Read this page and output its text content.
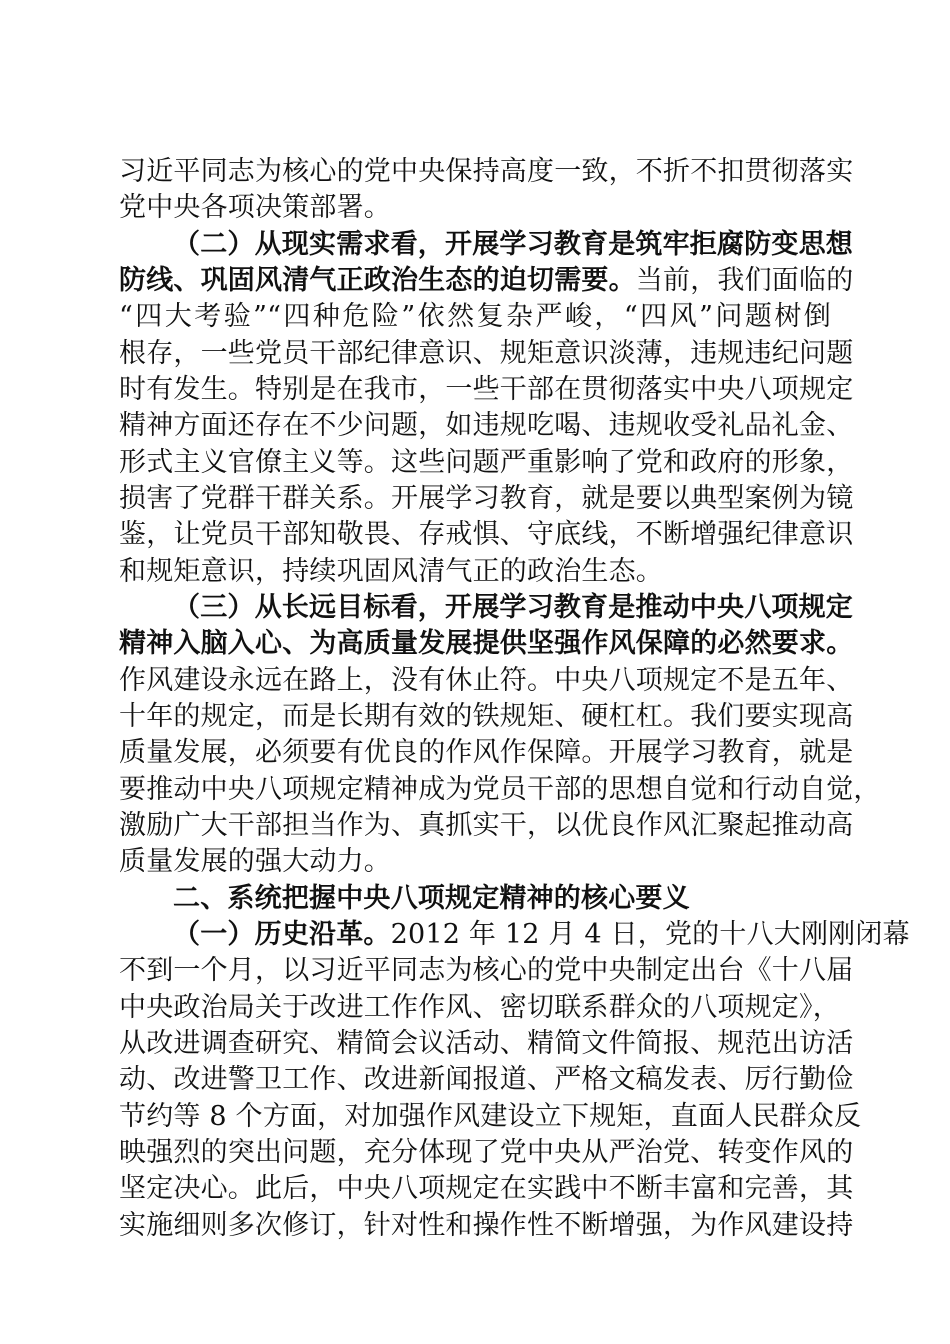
习近平同志为核心的党中央保持高度一致，不折不扣贯彻落实
党中央各项决策部署。
（二）从现实需求看，开展学习教育是筑牢拒腐防变思想
防线、巩固风清气正政治生态的迫切需要。当前，我们面临的
“四大考验”“四种危险”依然复杂严峻，“四风”问题树倒
根存，一些党员干部纪律意识、规矩意识淡薄，违规违纪问题
时有发生。特别是在我市，一些干部在贯彻落实中央八项规定
精神方面还存在不少问题，如违规吃喝、违规收受礼品礼金、
形式主义官僚主义等。这些问题严重影响了党和政府的形象，
损害了党群干群关系。开展学习教育，就是要以典型案例为镜
鉴，让党员干部知敬畏、存戒惧、守底线，不断增强纪律意识
和规矩意识，持续巩固风清气正的政治生态。
（三）从长远目标看，开展学习教育是推动中央八项规定
精神入脑入心、为高质量发展提供坚强作风保障的必然要求。
作风建设永远在路上，没有休止符。中央八项规定不是五年、
十年的规定，而是长期有效的铁规矩、硬杠杠。我们要实现高
质量发展，必须要有优良的作风作保障。开展学习教育，就是
要推动中央八项规定精神成为党员干部的思想自觉和行动自觉，
激励广大干部担当作为、真抓实干，以优良作风汇聚起推动高
质量发展的强大动力。
二、系统把握中央八项规定精神的核心要义
（一）历史沿革。2012 年 12 月 4 日，党的十八大刚刚闭幕
不到一个月，以习近平同志为核心的党中央制定出台《十八届
中央政治局关于改进工作作风、密切联系群众的八项规定》，
从改进调查研究、精简会议活动、精简文件简报、规范出访活
动、改进警卫工作、改进新闻报道、严格文稿发表、厉行勤俭
节约等 8 个方面，对加强作风建设立下规矩，直面人民群众反
映强烈的突出问题，充分体现了党中央从严治党、转变作风的
坚定决心。此后，中央八项规定在实践中不断丰富和完善，其
实施细则多次修订，针对性和操作性不断增强，为作风建设持
